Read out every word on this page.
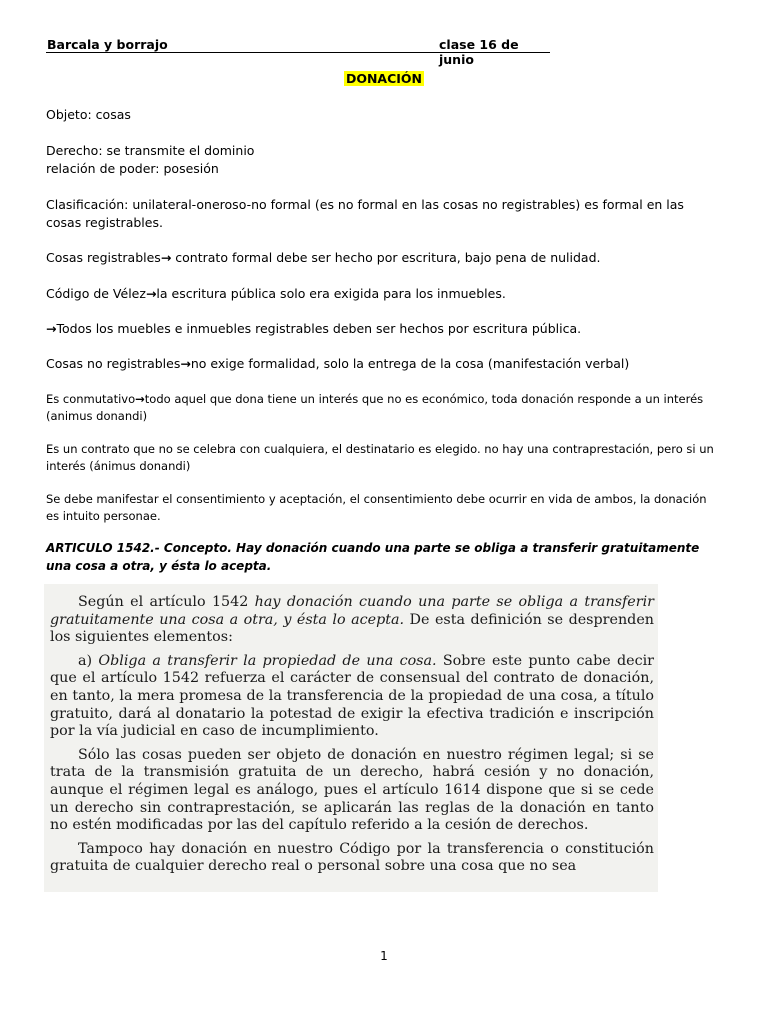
Barcala y borrajo	clase 16 de junio
DONACIÓN
Objeto: cosas
Derecho: se transmite el dominio
relación de poder: posesión
Clasificación: unilateral-oneroso-no formal (es no formal en las cosas no registrables) es formal en las cosas registrables.
Cosas registrables→ contrato formal debe ser hecho por escritura, bajo pena de nulidad.
Código de Vélez→la escritura pública solo era exigida para los inmuebles.
→Todos los muebles e inmuebles registrables deben ser hechos por escritura pública.
Cosas no registrables→no exige formalidad, solo la entrega de la cosa (manifestación verbal)
Es conmutativo→todo aquel que dona tiene un interés que no es económico, toda donación responde a un interés (animus donandi)
Es un contrato que no se celebra con cualquiera, el destinatario es elegido. no hay una contraprestación, pero si un interés (ánimus donandi)
Se debe manifestar el consentimiento y aceptación, el consentimiento debe ocurrir en vida de ambos, la donación es intuito personae.
ARTICULO 1542.- Concepto. Hay donación cuando una parte se obliga a transferir gratuitamente una cosa a otra, y ésta lo acepta.

Según el artículo 1542 hay donación cuando una parte se obliga a transferir gratuitamente una cosa a otra, y ésta lo acepta. De esta definición se desprenden los siguientes elementos:

a) Obliga a transferir la propiedad de una cosa. Sobre este punto cabe decir que el artículo 1542 refuerza el carácter de consensual del contrato de donación, en tanto, la mera promesa de la transferencia de la propiedad de una cosa, a título gratuito, dará al donatario la potestad de exigir la efectiva tradición e inscripción por la vía judicial en caso de incumplimiento.

Sólo las cosas pueden ser objeto de donación en nuestro régimen legal; si se trata de la transmisión gratuita de un derecho, habrá cesión y no donación, aunque el régimen legal es análogo, pues el artículo 1614 dispone que si se cede un derecho sin contraprestación, se aplicarán las reglas de la donación en tanto no estén modificadas por las del capítulo referido a la cesión de derechos.

Tampoco hay donación en nuestro Código por la transferencia o constitución gratuita de cualquier derecho real o personal sobre una cosa que no sea

1
